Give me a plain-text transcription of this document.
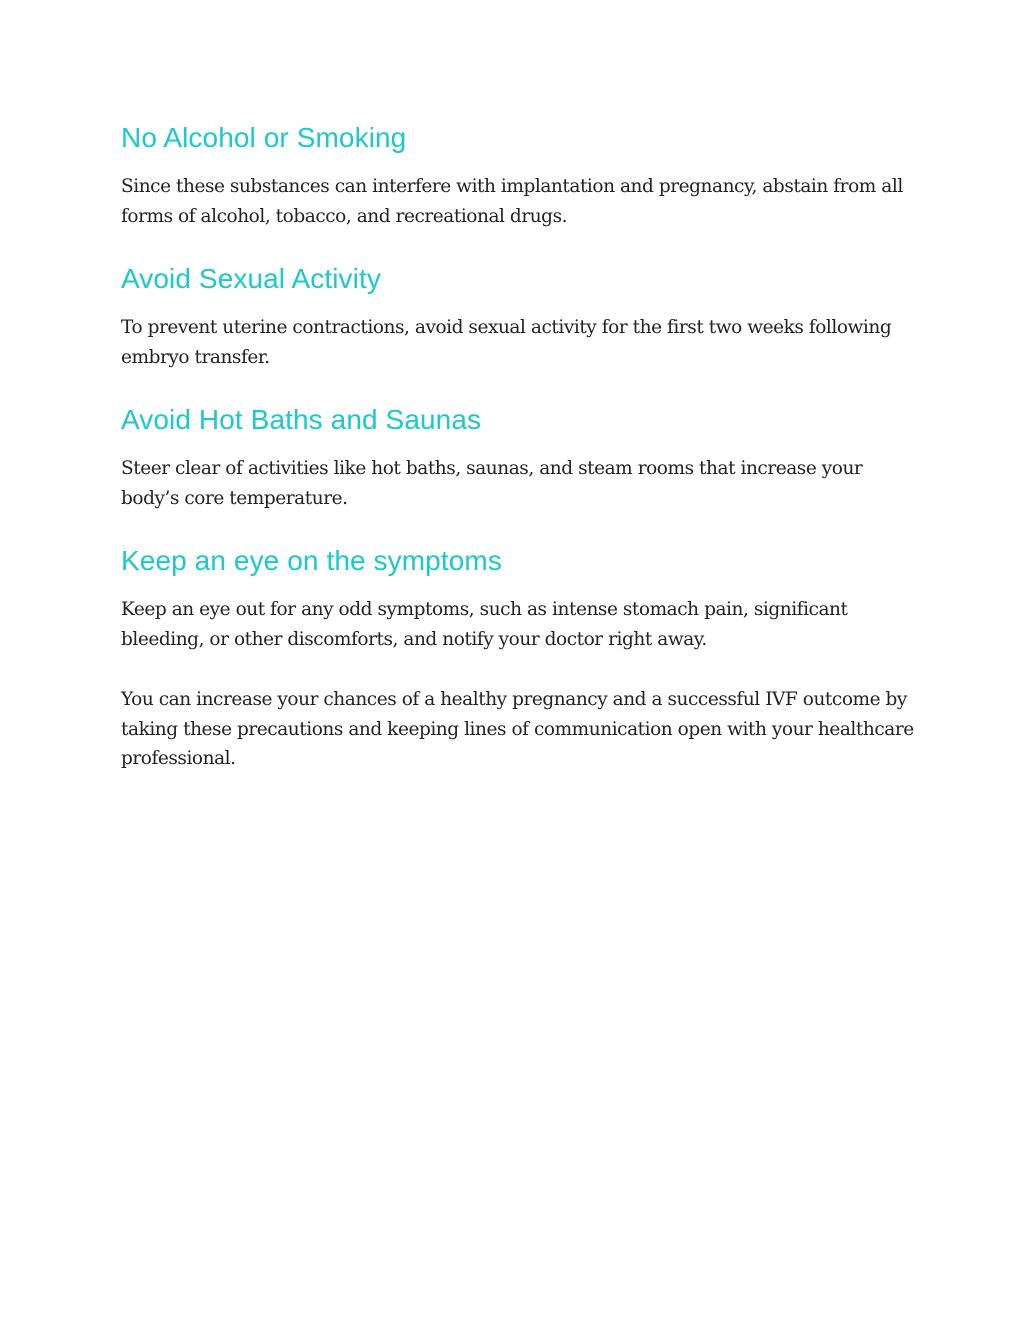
No Alcohol or Smoking

Since these substances can interfere with implantation and pregnancy, abstain from all forms of alcohol, tobacco, and recreational drugs.

Avoid Sexual Activity

To prevent uterine contractions, avoid sexual activity for the first two weeks following embryo transfer.

Avoid Hot Baths and Saunas

Steer clear of activities like hot baths, saunas, and steam rooms that increase your body’s core temperature.

Keep an eye on the symptoms

Keep an eye out for any odd symptoms, such as intense stomach pain, significant bleeding, or other discomforts, and notify your doctor right away.

You can increase your chances of a healthy pregnancy and a successful IVF outcome by taking these precautions and keeping lines of communication open with your healthcare professional.
